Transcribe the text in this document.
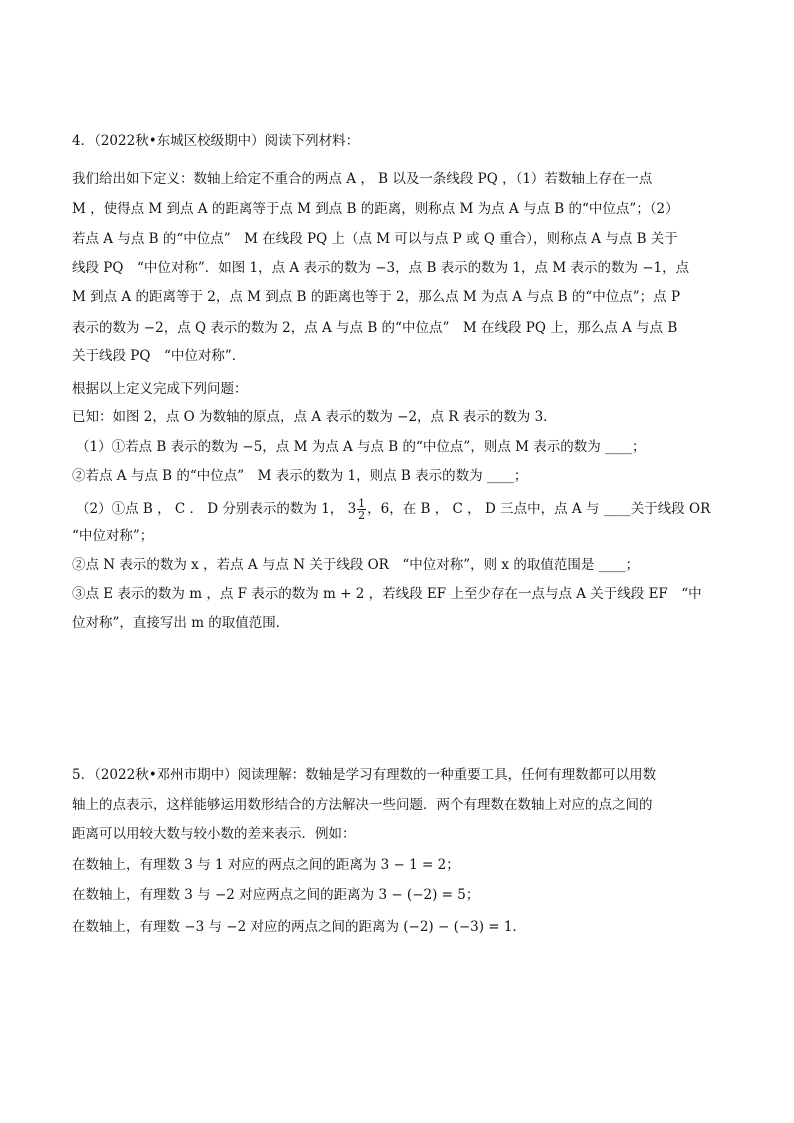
4．（2022秋•东城区校级期中）阅读下列材料：
我们给出如下定义：数轴上给定不重合的两点 A ， B 以及一条线段 PQ ，（1）若数轴上存在一点
M ，使得点 M 到点 A 的距离等于点 M 到点 B 的距离，则称点 M 为点 A 与点 B 的“中位点”；（2）
若点 A 与点 B 的“中位点”　M 在线段 PQ 上（点 M 可以与点 P 或 Q 重合），则称点 A 与点 B 关于
线段 PQ　“中位对称”．如图 1，点 A 表示的数为 −3，点 B 表示的数为 1，点 M 表示的数为 −1，点
M 到点 A 的距离等于 2，点 M 到点 B 的距离也等于 2，那么点 M 为点 A 与点 B 的“中位点”；点 P
表示的数为 −2，点 Q 表示的数为 2，点 A 与点 B 的“中位点”　M 在线段 PQ 上，那么点 A 与点 B
关于线段 PQ　“中位对称”．
根据以上定义完成下列问题：
已知：如图 2，点 O 为数轴的原点，点 A 表示的数为 −2，点 R 表示的数为 3．
（1）①若点 B 表示的数为 −5，点 M 为点 A 与点 B 的“中位点”，则点 M 表示的数为 ____；
②若点 A 与点 B 的“中位点”　M 表示的数为 1，则点 B 表示的数为 ____；
（2）①点 B ， C ． D 分别表示的数为 1， $3 \frac{1}{2}$ ，6，在 B ， C ， D 三点中，点 A 与 ____关于线段 OR
“中位对称”；
②点 N 表示的数为 x ，若点 A 与点 N 关于线段 OR　“中位对称”，则 x 的取值范围是 ____；
③点 E 表示的数为 m ，点 F 表示的数为 m + 2 ，若线段 EF 上至少存在一点与点 A 关于线段 EF　“中
位对称”，直接写出 m 的取值范围．
5．（2022秋•邓州市期中）阅读理解：数轴是学习有理数的一种重要工具，任何有理数都可以用数
轴上的点表示，这样能够运用数形结合的方法解决一些问题．两个有理数在数轴上对应的点之间的
距离可以用较大数与较小数的差来表示．例如：
在数轴上，有理数 3 与 1 对应的两点之间的距离为 3 − 1 = 2；
在数轴上，有理数 3 与 −2 对应两点之间的距离为 3 − (−2) = 5；
在数轴上，有理数 −3 与 −2 对应的两点之间的距离为 (−2) − (−3) = 1．
